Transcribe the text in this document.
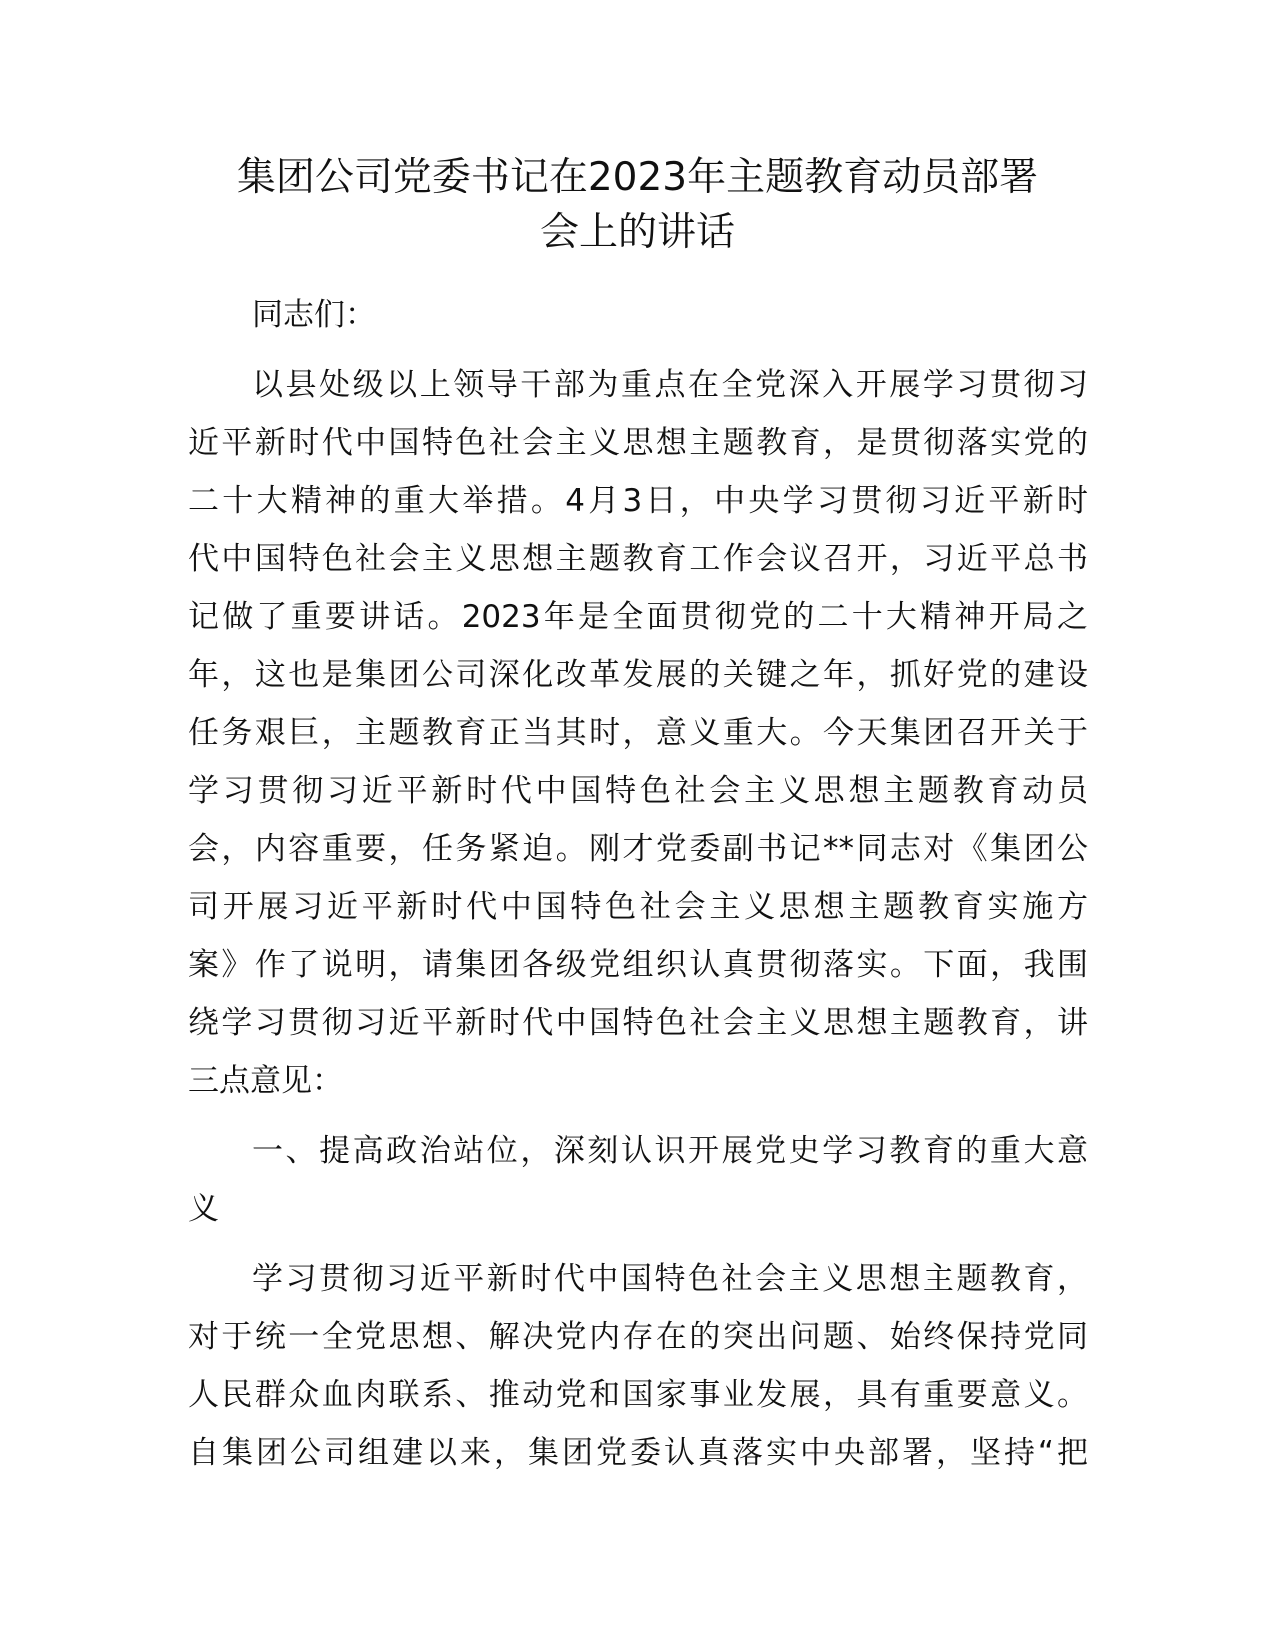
集团公司党委书记在2023年主题教育动员部署
会上的讲话

同志们：

以县处级以上领导干部为重点在全党深入开展学习贯彻习
近平新时代中国特色社会主义思想主题教育，是贯彻落实党的
二十大精神的重大举措。4月3日，中央学习贯彻习近平新时
代中国特色社会主义思想主题教育工作会议召开，习近平总书
记做了重要讲话。2023年是全面贯彻党的二十大精神开局之
年，这也是集团公司深化改革发展的关键之年，抓好党的建设
任务艰巨，主题教育正当其时，意义重大。今天集团召开关于
学习贯彻习近平新时代中国特色社会主义思想主题教育动员
会，内容重要，任务紧迫。刚才党委副书记**同志对《集团公
司开展习近平新时代中国特色社会主义思想主题教育实施方
案》作了说明，请集团各级党组织认真贯彻落实。下面，我围
绕学习贯彻习近平新时代中国特色社会主义思想主题教育，讲
三点意见：

一、提高政治站位，深刻认识开展党史学习教育的重大意
义

学习贯彻习近平新时代中国特色社会主义思想主题教育，
对于统一全党思想、解决党内存在的突出问题、始终保持党同
人民群众血肉联系、推动党和国家事业发展，具有重要意义。
自集团公司组建以来，集团党委认真落实中央部署，坚持“把
